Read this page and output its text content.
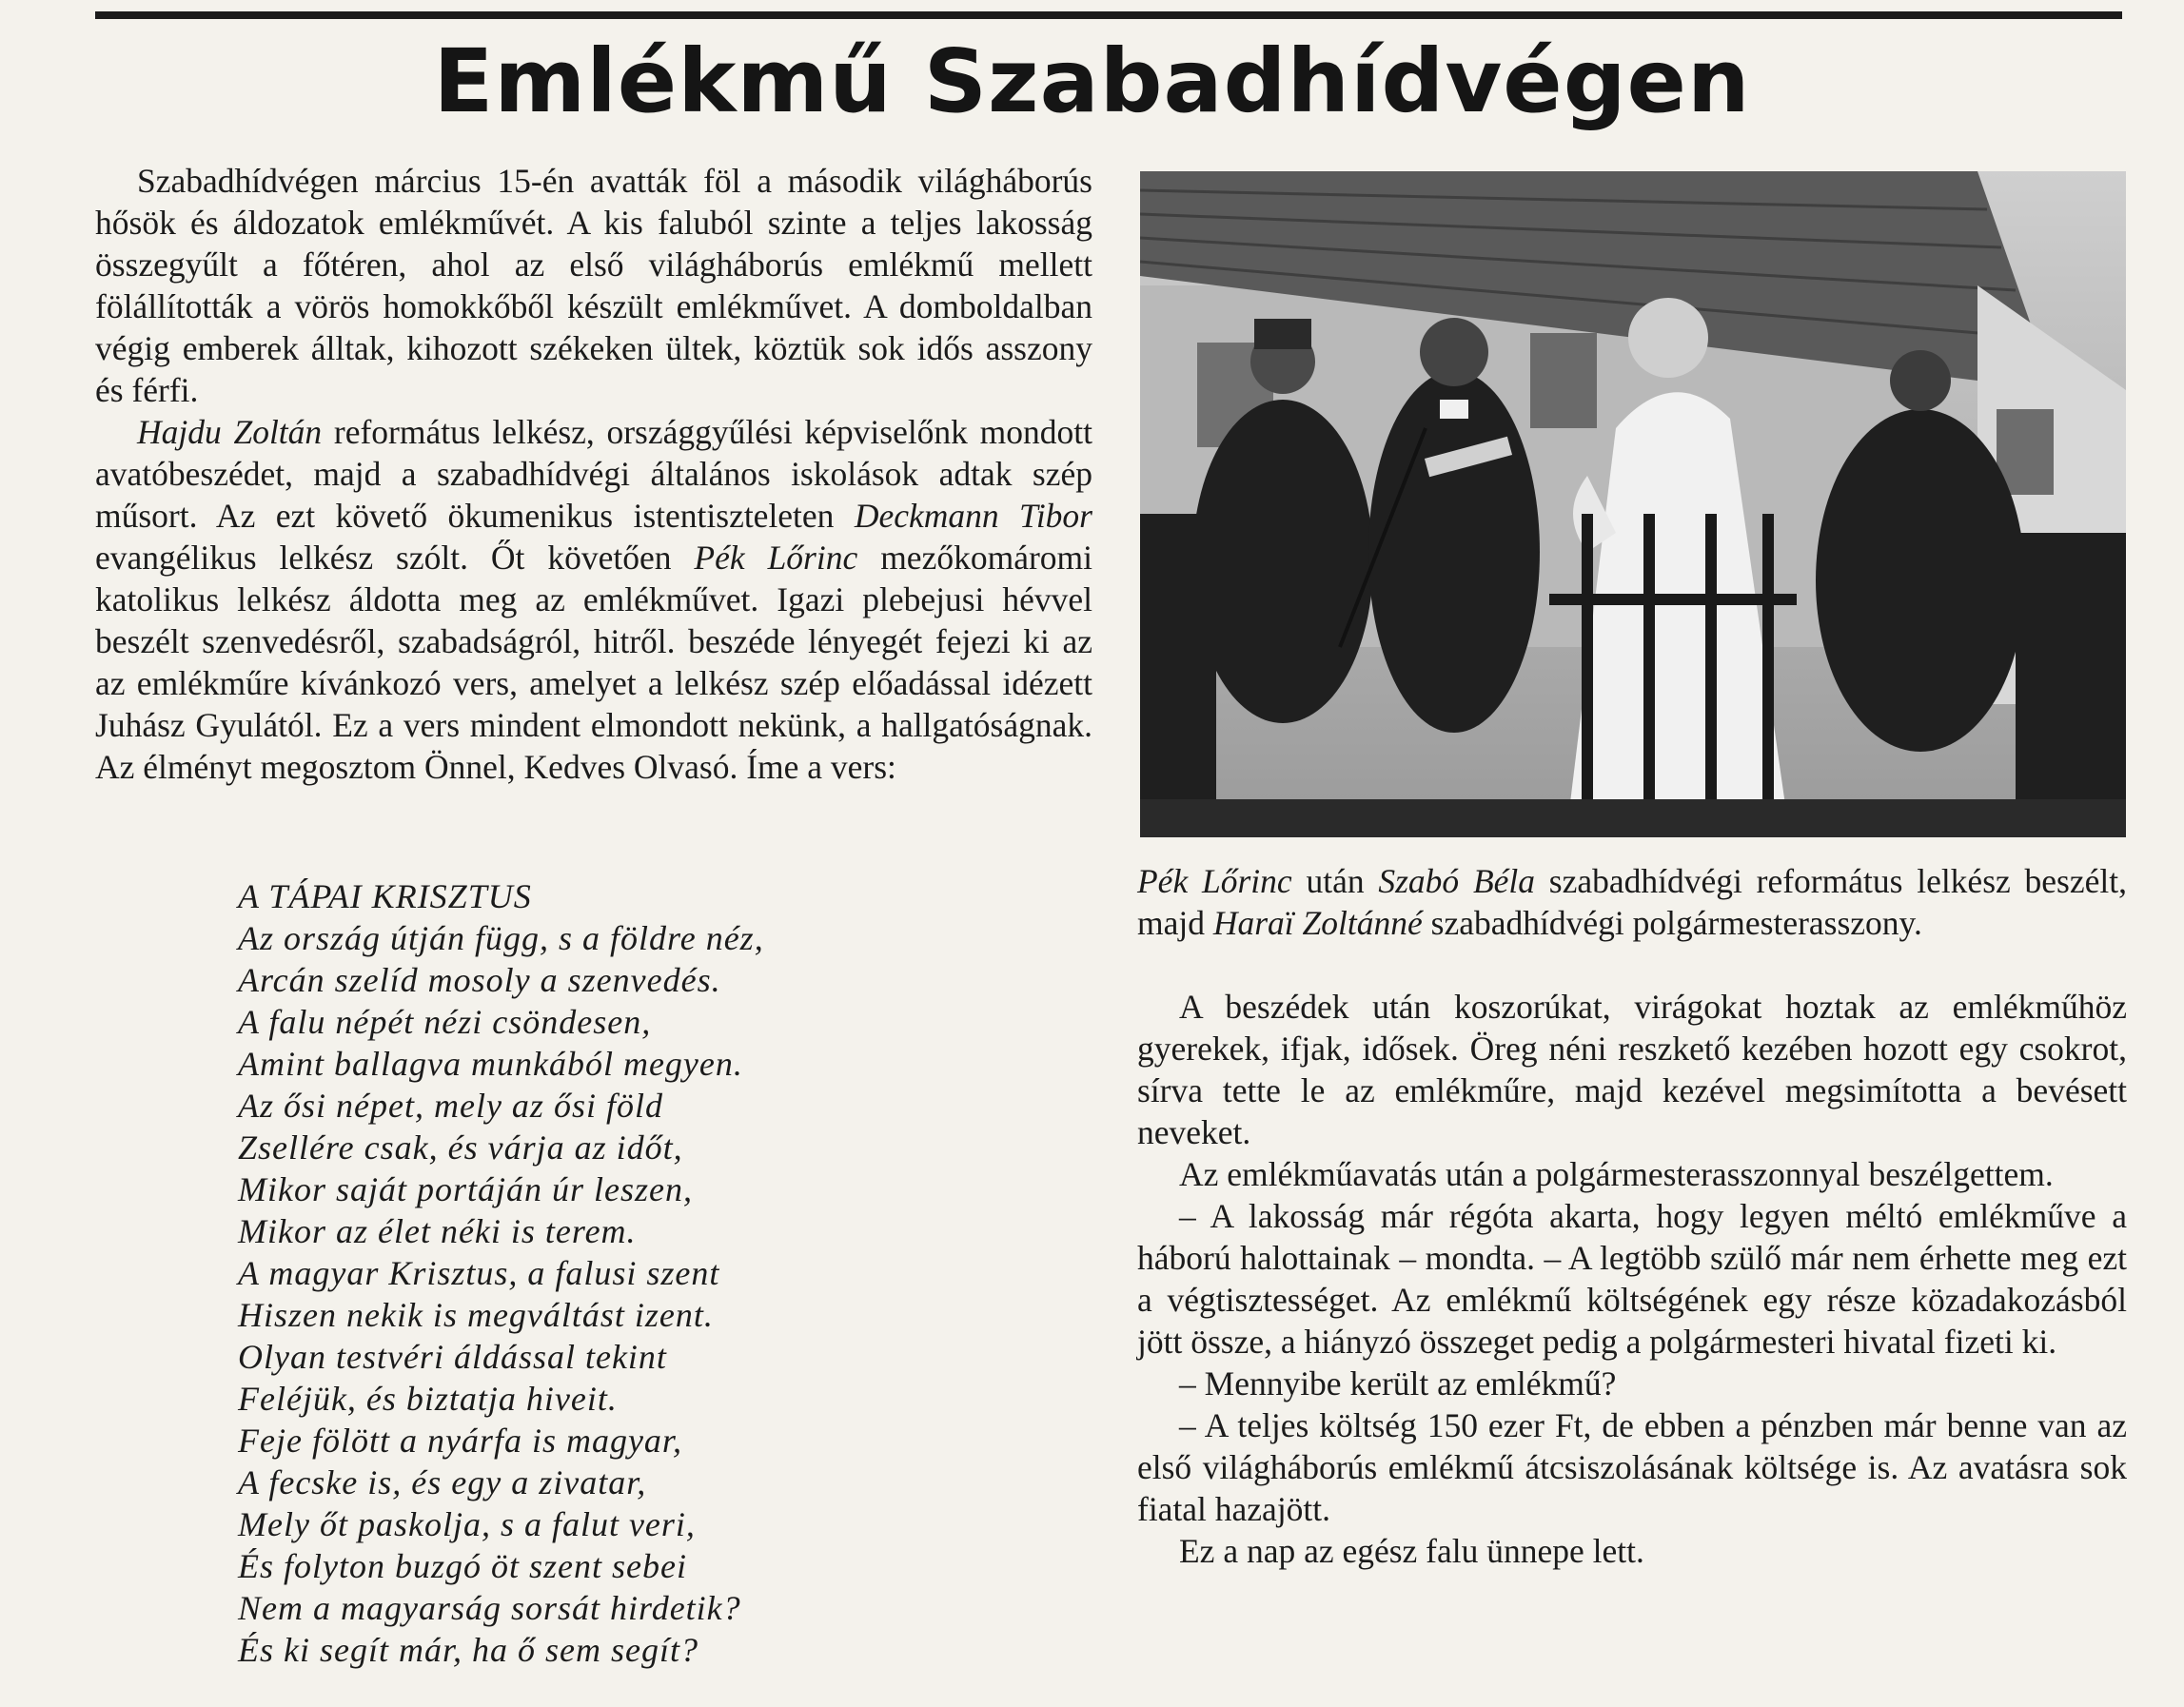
Emlékmű Szabadhídvégen

Szabadhídvégen március 15-én avatták föl a második világháborús hősök és áldozatok emlékművét. A kis faluból szinte a teljes lakosság összegyűlt a főtéren, ahol az első világháborús emlékmű mellett fölállították a vörös homokkőből készült emlékművet. A domboldalban végig emberek álltak, kihozott székeken ültek, köztük sok idős asszony és férfi.

Hajdu Zoltán református lelkész, országgyűlési képviselőnk mondott avatóbeszédet, majd a szabadhídvégi általános iskolások adtak szép műsort. Az ezt követő ökumenikus istentiszteleten Deckmann Tibor evangélikus lelkész szólt. Őt követően Pék Lőrinc mezőkomáromi katolikus lelkész áldotta meg az emlékművet. Igazi plebejusi hévvel beszélt szenvedésről, szabadságról, hitről. beszéde lényegét fejezi ki az az emlékműre kívánkozó vers, amelyet a lelkész szép előadással idézett Juhász Gyulától. Ez a vers mindent elmondott nekünk, a hallgatóságnak. Az élményt megosztom Önnel, Kedves Olvasó. Íme a vers:

A TÁPAI KRISZTUS
Az ország útján függ, s a földre néz,
Arcán szelíd mosoly a szenvedés.
A falu népét nézi csöndesen,
Amint ballagva munkából megyen.
Az ősi népet, mely az ősi föld
Zsellére csak, és várja az időt,
Mikor saját portáján úr leszen,
Mikor az élet néki is terem.
A magyar Krisztus, a falusi szent
Hiszen nekik is megváltást izent.
Olyan testvéri áldással tekint
Feléjük, és biztatja hiveit.
Feje fölött a nyárfa is magyar,
A fecske is, és egy a zivatar,
Mely őt paskolja, s a falut veri,
És folyton buzgó öt szent sebei
Nem a magyarság sorsát hirdetik?
És ki segít már, ha ő sem segít?

Pék Lőrinc után Szabó Béla szabadhídvégi református lelkész beszélt, majd Haraï Zoltánné szabadhídvégi polgármesterasszony.

A beszédek után koszorúkat, virágokat hoztak az emlékműhöz gyerekek, ifjak, idősek. Öreg néni reszkető kezében hozott egy csokrot, sírva tette le az emlékműre, majd kezével megsimította a bevésett neveket.

Az emlékműavatás után a polgármesterasszonnyal beszélgettem.

– A lakosság már régóta akarta, hogy legyen méltó emlékműve a háború halottainak – mondta. – A legtöbb szülő már nem érhette meg ezt a végtisztességet. Az emlékmű költségének egy része közadakozásból jött össze, a hiányzó összeget pedig a polgármesteri hivatal fizeti ki.

– Mennyibe került az emlékmű?

– A teljes költség 150 ezer Ft, de ebben a pénzben már benne van az első világháborús emlékmű átcsiszolásának költsége is. Az avatásra sok fiatal hazajött.

Ez a nap az egész falu ünnepe lett.
